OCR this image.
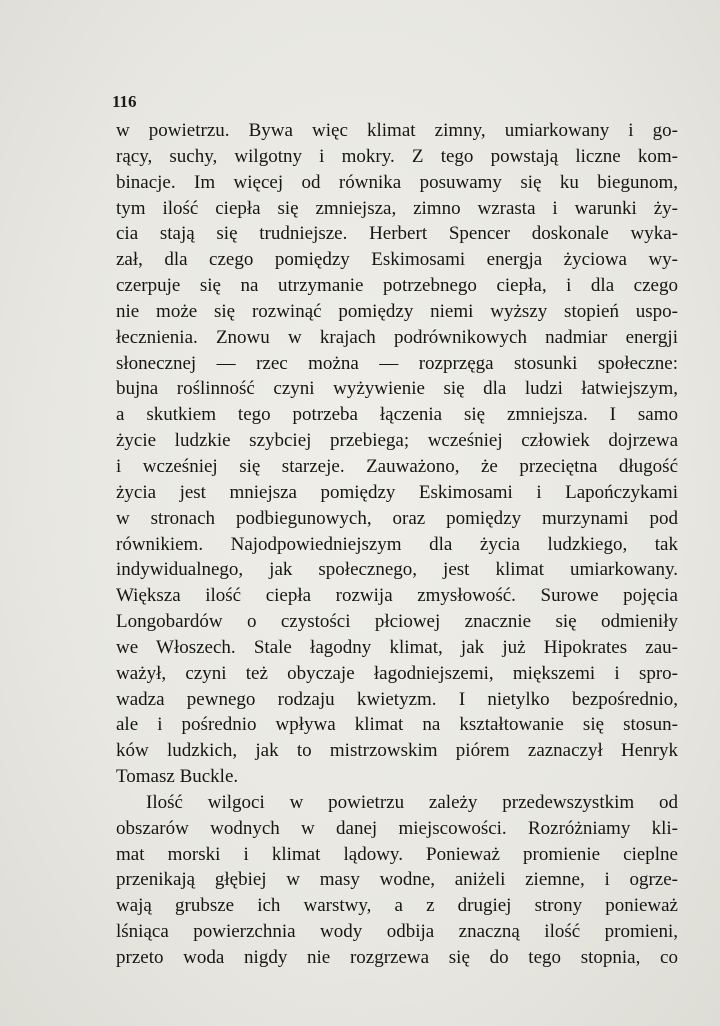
116
w powietrzu. Bywa więc klimat zimny, umiarkowany i go-
rący, suchy, wilgotny i mokry. Z tego powstają liczne kom-
binacje. Im więcej od równika posuwamy się ku biegunom,
tym ilość ciepła się zmniejsza, zimno wzrasta i warunki ży-
cia stają się trudniejsze. Herbert Spencer doskonale wyka-
zał, dla czego pomiędzy Eskimosami energja życiowa wy-
czerpuje się na utrzymanie potrzebnego ciepła, i dla czego
nie może się rozwinąć pomiędzy niemi wyższy stopień uspo-
łecznienia. Znowu w krajach podrównikowych nadmiar energji
słonecznej — rzec można — rozprzęga stosunki społeczne:
bujna roślinność czyni wyżywienie się dla ludzi łatwiejszym,
a skutkiem tego potrzeba łączenia się zmniejsza. I samo
życie ludzkie szybciej przebiega; wcześniej człowiek dojrzewa
i wcześniej się starzeje. Zauważono, że przeciętna długość
życia jest mniejsza pomiędzy Eskimosami i Lapończykami
w stronach podbiegunowych, oraz pomiędzy murzynami pod
równikiem. Najodpowiedniejszym dla życia ludzkiego, tak
indywidualnego, jak społecznego, jest klimat umiarkowany.
Większa ilość ciepła rozwija zmysłowość. Surowe pojęcia
Longobardów o czystości płciowej znacznie się odmieniły
we Włoszech. Stale łagodny klimat, jak już Hipokrates zau-
ważył, czyni też obyczaje łagodniejszemi, miększemi i spro-
wadza pewnego rodzaju kwietyzm. I nietylko bezpośrednio,
ale i pośrednio wpływa klimat na kształtowanie się stosun-
ków ludzkich, jak to mistrzowskim piórem zaznaczył Henryk
Tomasz Buckle.
Ilość wilgoci w powietrzu zależy przedewszystkim od
obszarów wodnych w danej miejscowości. Rozróżniamy kli-
mat morski i klimat lądowy. Ponieważ promienie cieplne
przenikają głębiej w masy wodne, aniżeli ziemne, i ogrze-
wają grubsze ich warstwy, a z drugiej strony ponieważ
lśniąca powierzchnia wody odbija znaczną ilość promieni,
przeto woda nigdy nie rozgrzewa się do tego stopnia, co
